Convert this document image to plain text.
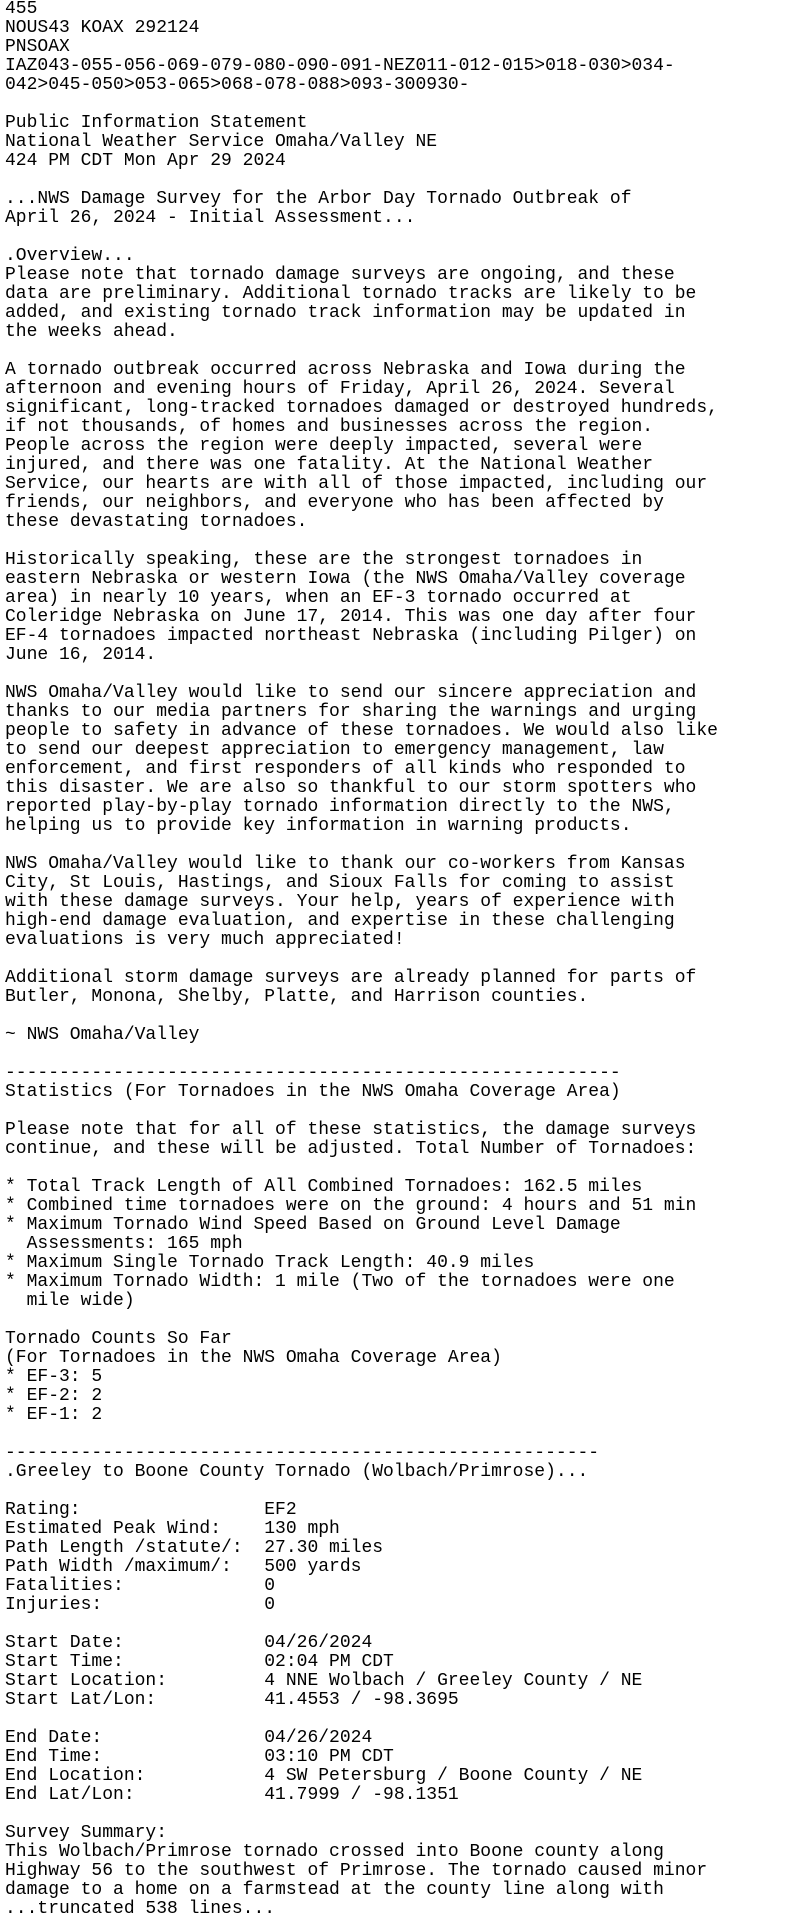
455
NOUS43 KOAX 292124
PNSOAX
IAZ043-055-056-069-079-080-090-091-NEZ011-012-015>018-030>034-
042>045-050>053-065>068-078-088>093-300930-

Public Information Statement
National Weather Service Omaha/Valley NE
424 PM CDT Mon Apr 29 2024

...NWS Damage Survey for the Arbor Day Tornado Outbreak of
April 26, 2024 - Initial Assessment...

.Overview...
Please note that tornado damage surveys are ongoing, and these
data are preliminary. Additional tornado tracks are likely to be
added, and existing tornado track information may be updated in
the weeks ahead.

A tornado outbreak occurred across Nebraska and Iowa during the
afternoon and evening hours of Friday, April 26, 2024. Several
significant, long-tracked tornadoes damaged or destroyed hundreds,
if not thousands, of homes and businesses across the region.
People across the region were deeply impacted, several were
injured, and there was one fatality. At the National Weather
Service, our hearts are with all of those impacted, including our
friends, our neighbors, and everyone who has been affected by
these devastating tornadoes.

Historically speaking, these are the strongest tornadoes in
eastern Nebraska or western Iowa (the NWS Omaha/Valley coverage
area) in nearly 10 years, when an EF-3 tornado occurred at
Coleridge Nebraska on June 17, 2014. This was one day after four
EF-4 tornadoes impacted northeast Nebraska (including Pilger) on
June 16, 2014.

NWS Omaha/Valley would like to send our sincere appreciation and
thanks to our media partners for sharing the warnings and urging
people to safety in advance of these tornadoes. We would also like
to send our deepest appreciation to emergency management, law
enforcement, and first responders of all kinds who responded to
this disaster. We are also so thankful to our storm spotters who
reported play-by-play tornado information directly to the NWS,
helping us to provide key information in warning products.

NWS Omaha/Valley would like to thank our co-workers from Kansas
City, St Louis, Hastings, and Sioux Falls for coming to assist
with these damage surveys. Your help, years of experience with
high-end damage evaluation, and expertise in these challenging
evaluations is very much appreciated!

Additional storm damage surveys are already planned for parts of
Butler, Monona, Shelby, Platte, and Harrison counties.

~ NWS Omaha/Valley

---------------------------------------------------------
Statistics (For Tornadoes in the NWS Omaha Coverage Area)

Please note that for all of these statistics, the damage surveys
continue, and these will be adjusted. Total Number of Tornadoes:

* Total Track Length of All Combined Tornadoes: 162.5 miles
* Combined time tornadoes were on the ground: 4 hours and 51 min
* Maximum Tornado Wind Speed Based on Ground Level Damage
Assessments: 165 mph
* Maximum Single Tornado Track Length: 40.9 miles
* Maximum Tornado Width: 1 mile (Two of the tornadoes were one
mile wide)

Tornado Counts So Far
(For Tornadoes in the NWS Omaha Coverage Area)
* EF-3: 5
* EF-2: 2
* EF-1: 2

-------------------------------------------------------
.Greeley to Boone County Tornado (Wolbach/Primrose)...

Rating:                 EF2
Estimated Peak Wind:    130 mph
Path Length /statute/:  27.30 miles
Path Width /maximum/:   500 yards
Fatalities:             0
Injuries:               0

Start Date:             04/26/2024
Start Time:             02:04 PM CDT
Start Location:         4 NNE Wolbach / Greeley County / NE
Start Lat/Lon:          41.4553 / -98.3695

End Date:               04/26/2024
End Time:               03:10 PM CDT
End Location:           4 SW Petersburg / Boone County / NE
End Lat/Lon:            41.7999 / -98.1351

Survey Summary:
This Wolbach/Primrose tornado crossed into Boone county along
Highway 56 to the southwest of Primrose. The tornado caused minor
damage to a home on a farmstead at the county line along with
...truncated 538 lines...
